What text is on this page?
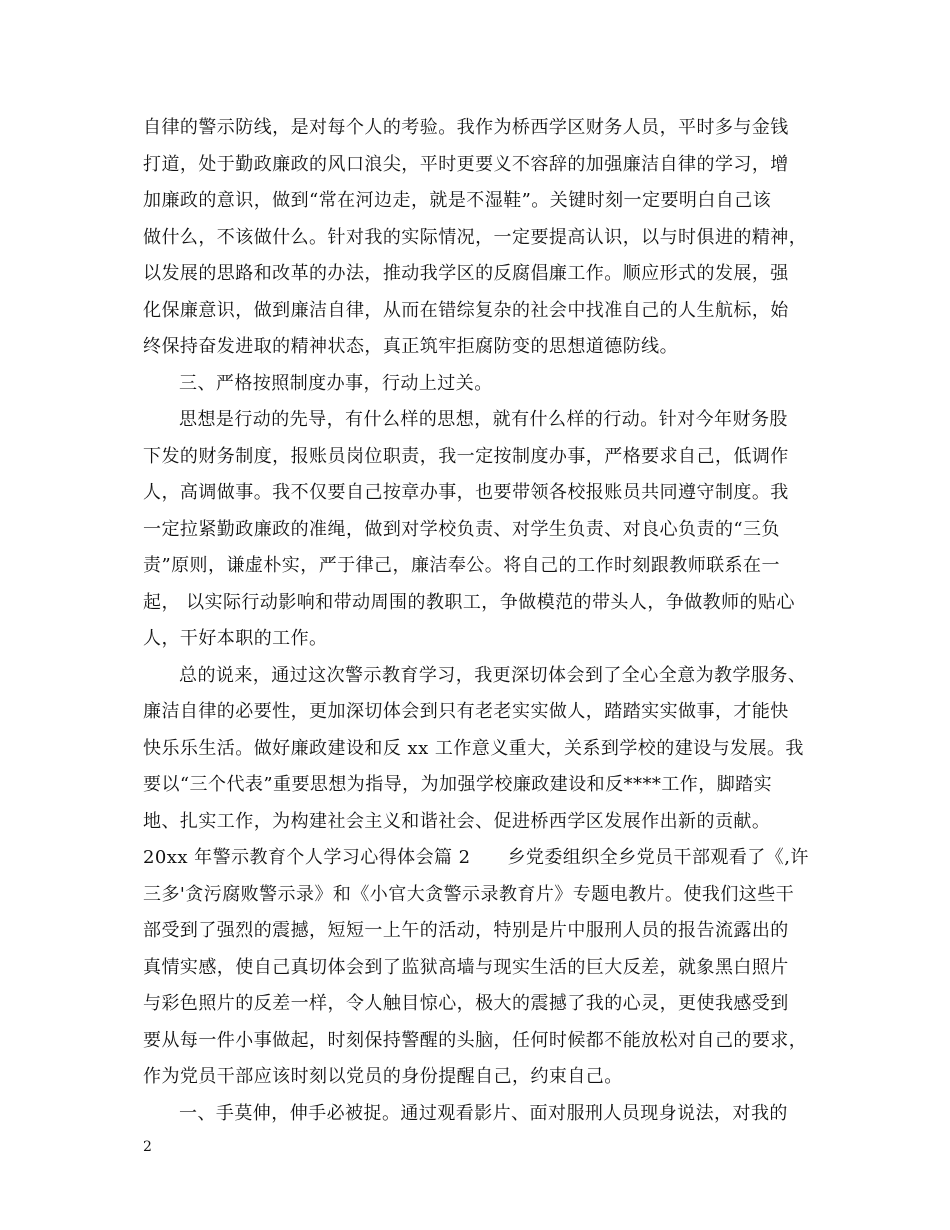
自律的警示防线，是对每个人的考验。我作为桥西学区财务人员，平时多与金钱
打道，处于勤政廉政的风口浪尖，平时更要义不容辞的加强廉洁自律的学习，增
加廉政的意识，做到“常在河边走，就是不湿鞋”。关键时刻一定要明白自己该
做什么，不该做什么。针对我的实际情况，一定要提高认识，以与时俱进的精神，
以发展的思路和改革的办法，推动我学区的反腐倡廉工作。顺应形式的发展，强
化保廉意识，做到廉洁自律，从而在错综复杂的社会中找准自己的人生航标，始
终保持奋发进取的精神状态，真正筑牢拒腐防变的思想道德防线。
三、严格按照制度办事，行动上过关。
思想是行动的先导，有什么样的思想，就有什么样的行动。针对今年财务股
下发的财务制度，报账员岗位职责，我一定按制度办事，严格要求自己，低调作
人，高调做事。我不仅要自己按章办事，也要带领各校报账员共同遵守制度。我
一定拉紧勤政廉政的准绳，做到对学校负责、对学生负责、对良心负责的“三负
责”原则，谦虚朴实，严于律己，廉洁奉公。将自己的工作时刻跟教师联系在一
起， 以实际行动影响和带动周围的教职工，争做模范的带头人，争做教师的贴心
人，干好本职的工作。
总的说来，通过这次警示教育学习，我更深切体会到了全心全意为教学服务、
廉洁自律的必要性，更加深切体会到只有老老实实做人，踏踏实实做事，才能快
快乐乐生活。做好廉政建设和反 xx 工作意义重大，关系到学校的建设与发展。我
要以“三个代表”重要思想为指导，为加强学校廉政建设和反****工作，脚踏实
地、扎实工作，为构建社会主义和谐社会、促进桥西学区发展作出新的贡献。
20xx 年警示教育个人学习心得体会篇 2　　乡党委组织全乡党员干部观看了《,许
三多'贪污腐败警示录》和《小官大贪警示录教育片》专题电教片。使我们这些干
部受到了强烈的震撼，短短一上午的活动，特别是片中服刑人员的报告流露出的
真情实感，使自己真切体会到了监狱高墙与现实生活的巨大反差，就象黑白照片
与彩色照片的反差一样，令人触目惊心，极大的震撼了我的心灵，更使我感受到
要从每一件小事做起，时刻保持警醒的头脑，任何时候都不能放松对自己的要求，
作为党员干部应该时刻以党员的身份提醒自己，约束自己。
一、手莫伸，伸手必被捉。通过观看影片、面对服刑人员现身说法，对我的
2
